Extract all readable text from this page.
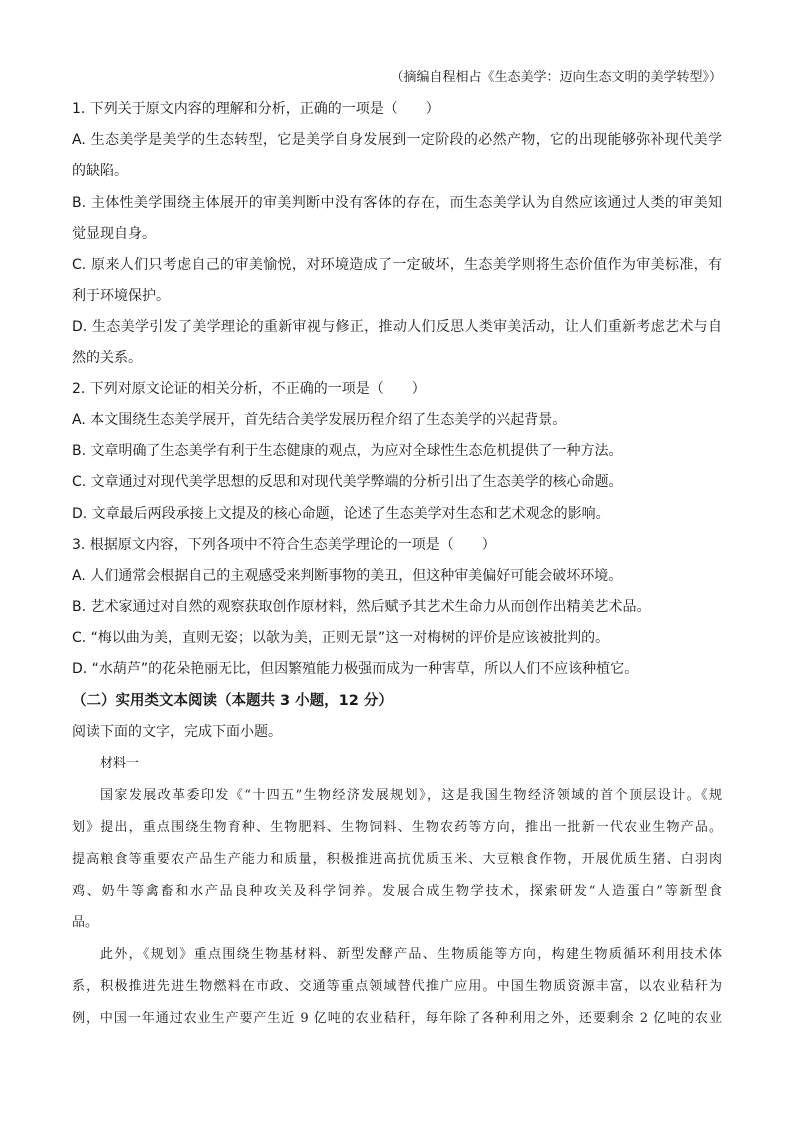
（摘编自程相占《生态美学：迈向生态文明的美学转型》）
1. 下列关于原文内容的理解和分析，正确的一项是（　　）
A. 生态美学是美学的生态转型，它是美学自身发展到一定阶段的必然产物，它的出现能够弥补现代美学
的缺陷。
B. 主体性美学围绕主体展开的审美判断中没有客体的存在，而生态美学认为自然应该通过人类的审美知
觉显现自身。
C. 原来人们只考虑自己的审美愉悦，对环境造成了一定破坏，生态美学则将生态价值作为审美标准，有
利于环境保护。
D. 生态美学引发了美学理论的重新审视与修正，推动人们反思人类审美活动，让人们重新考虑艺术与自
然的关系。
2. 下列对原文论证的相关分析，不正确的一项是（　　）
A. 本文围绕生态美学展开，首先结合美学发展历程介绍了生态美学的兴起背景。
B. 文章明确了生态美学有利于生态健康的观点，为应对全球性生态危机提供了一种方法。
C. 文章通过对现代美学思想的反思和对现代美学弊端的分析引出了生态美学的核心命题。
D. 文章最后两段承接上文提及的核心命题，论述了生态美学对生态和艺术观念的影响。
3. 根据原文内容，下列各项中不符合生态美学理论的一项是（　　）
A. 人们通常会根据自己的主观感受来判断事物的美丑，但这种审美偏好可能会破坏环境。
B. 艺术家通过对自然的观察获取创作原材料，然后赋予其艺术生命力从而创作出精美艺术品。
C. “梅以曲为美，直则无姿；以欹为美，正则无景”这一对梅树的评价是应该被批判的。
D. “水葫芦”的花朵艳丽无比，但因繁殖能力极强而成为一种害草，所以人们不应该种植它。
（二）实用类文本阅读（本题共 3 小题，12 分）
阅读下面的文字，完成下面小题。
材料一
国家发展改革委印发《“十四五”生物经济发展规划》，这是我国生物经济领域的首个顶层设计。《规
划》提出，重点围绕生物育种、生物肥料、生物饲料、生物农药等方向，推出一批新一代农业生物产品。
提高粮食等重要农产品生产能力和质量，积极推进高抗优质玉米、大豆粮食作物，开展优质生猪、白羽肉
鸡、奶牛等禽畜和水产品良种攻关及科学饲养。发展合成生物学技术，探索研发“人造蛋白”等新型食
品。
此外，《规划》重点围绕生物基材料、新型发酵产品、生物质能等方向，构建生物质循环利用技术体
系，积极推进先进生物燃料在市政、交通等重点领域替代推广应用。中国生物质资源丰富，以农业秸秆为
例，中国一年通过农业生产要产生近 9 亿吨的农业秸秆，每年除了各种利用之外，还要剩余 2 亿吨的农业
